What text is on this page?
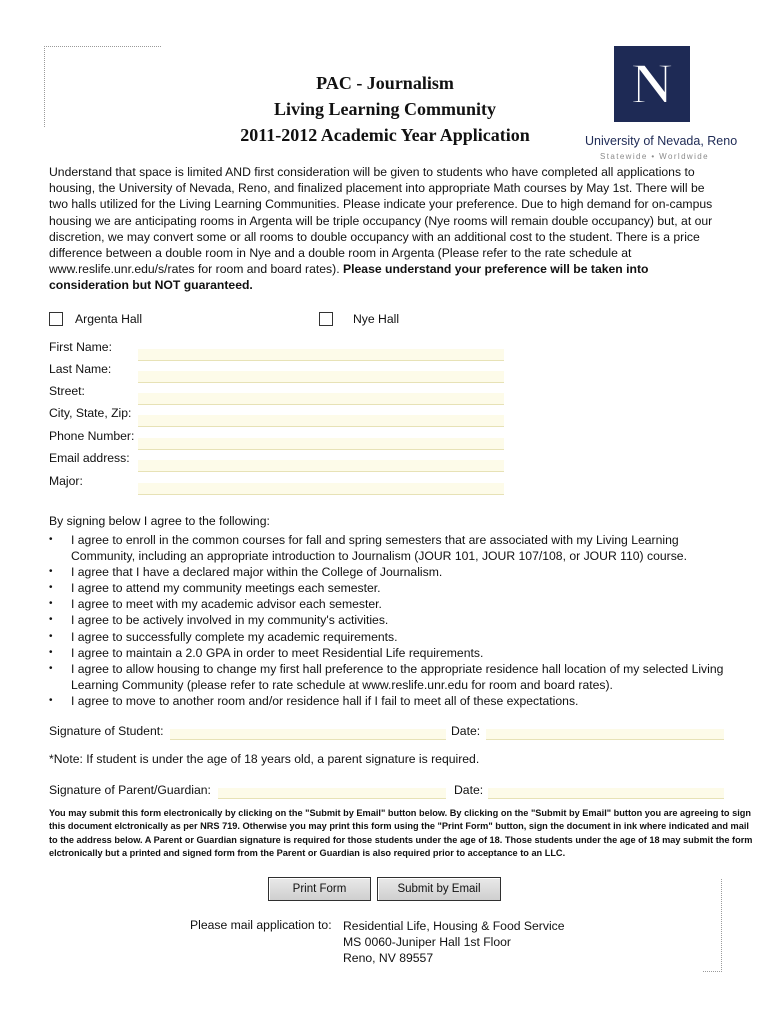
PAC - Journalism
Living Learning Community
2011-2012 Academic Year Application
N
University of Nevada, Reno
Statewide • Worldwide
Understand that space is limited AND first consideration will be given to students who have completed all applications to housing, the University of Nevada, Reno, and finalized placement into appropriate Math courses by May 1st. There will be two halls utilized for the Living Learning Communities. Please indicate your preference. Due to high demand for on-campus housing we are anticipating rooms in Argenta will be triple occupancy (Nye rooms will remain double occupancy) but, at our discretion, we may convert some or all rooms to double occupancy with an additional cost to the student. There is a price difference between a double room in Nye and a double room in Argenta (Please refer to the rate schedule at www.reslife.unr.edu/s/rates for room and board rates). Please understand your preference will be taken into consideration but NOT guaranteed.
Argenta Hall	Nye Hall
First Name:
Last Name:
Street:
City, State, Zip:
Phone Number:
Email address:
Major:
By signing below I agree to the following:
• I agree to enroll in the common courses for fall and spring semesters that are associated with my Living Learning Community, including an appropriate introduction to Journalism (JOUR 101, JOUR 107/108, or JOUR 110) course.
• I agree that I have a declared major within the College of Journalism.
• I agree to attend my community meetings each semester.
• I agree to meet with my academic advisor each semester.
• I agree to be actively involved in my community's activities.
• I agree to successfully complete my academic requirements.
• I agree to maintain a 2.0 GPA in order to meet Residential Life requirements.
• I agree to allow housing to change my first hall preference to the appropriate residence hall location of my selected Living Learning Community (please refer to rate schedule at www.reslife.unr.edu for room and board rates).
• I agree to move to another room and/or residence hall if I fail to meet all of these expectations.
Signature of Student:	Date:
*Note: If student is under the age of 18 years old, a parent signature is required.
Signature of Parent/Guardian:	Date:
You may submit this form electronically by clicking on the "Submit by Email" button below. By clicking on the "Submit by Email" button you are agreeing to sign this document elctronically as per NRS 719. Otherwise you may print this form using the "Print Form" button, sign the document in ink where indicated and mail to the address below. A Parent or Guardian signature is required for those students under the age of 18. Those students under the age of 18 may submit the form elctronically but a printed and signed form from the Parent or Guardian is also required prior to acceptance to an LLC.
Print Form	Submit by Email
Please mail application to: Residential Life, Housing & Food Service
MS 0060-Juniper Hall 1st Floor
Reno, NV 89557
